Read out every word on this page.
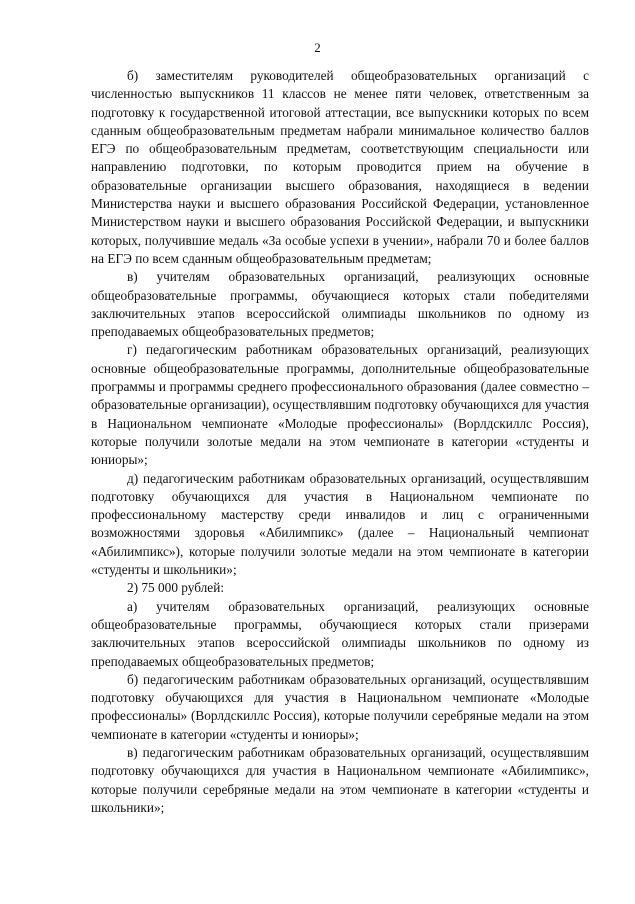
2

б) заместителям руководителей общеобразовательных организаций с численностью выпускников 11 классов не менее пяти человек, ответственным за подготовку к государственной итоговой аттестации, все выпускники которых по всем сданным общеобразовательным предметам набрали минимальное количество баллов ЕГЭ по общеобразовательным предметам, соответствующим специальности или направлению подготовки, по которым проводится прием на обучение в образовательные организации высшего образования, находящиеся в ведении Министерства науки и высшего образования Российской Федерации, установленное Министерством науки и высшего образования Российской Федерации, и выпускники которых, получившие медаль «За особые успехи в учении», набрали 70 и более баллов на ЕГЭ по всем сданным общеобразовательным предметам;

в) учителям образовательных организаций, реализующих основные общеобразовательные программы, обучающиеся которых стали победителями заключительных этапов всероссийской олимпиады школьников по одному из преподаваемых общеобразовательных предметов;

г) педагогическим работникам образовательных организаций, реализующих основные общеобразовательные программы, дополнительные общеобразовательные программы и программы среднего профессионального образования (далее совместно – образовательные организации), осуществлявшим подготовку обучающихся для участия в Национальном чемпионате «Молодые профессионалы» (Ворлдскиллс Россия), которые получили золотые медали на этом чемпионате в категории «студенты и юниоры»;

д) педагогическим работникам образовательных организаций, осуществлявшим подготовку обучающихся для участия в Национальном чемпионате по профессиональному мастерству среди инвалидов и лиц с ограниченными возможностями здоровья «Абилимпикс» (далее – Национальный чемпионат «Абилимпикс»), которые получили золотые медали на этом чемпионате в категории «студенты и школьники»;

2) 75 000 рублей:

а) учителям образовательных организаций, реализующих основные общеобразовательные программы, обучающиеся которых стали призерами заключительных этапов всероссийской олимпиады школьников по одному из преподаваемых общеобразовательных предметов;

б) педагогическим работникам образовательных организаций, осуществлявшим подготовку обучающихся для участия в Национальном чемпионате «Молодые профессионалы» (Ворлдскиллс Россия), которые получили серебряные медали на этом чемпионате в категории «студенты и юниоры»;

в) педагогическим работникам образовательных организаций, осуществлявшим подготовку обучающихся для участия в Национальном чемпионате «Абилимпикс», которые получили серебряные медали на этом чемпионате в категории «студенты и школьники»;
